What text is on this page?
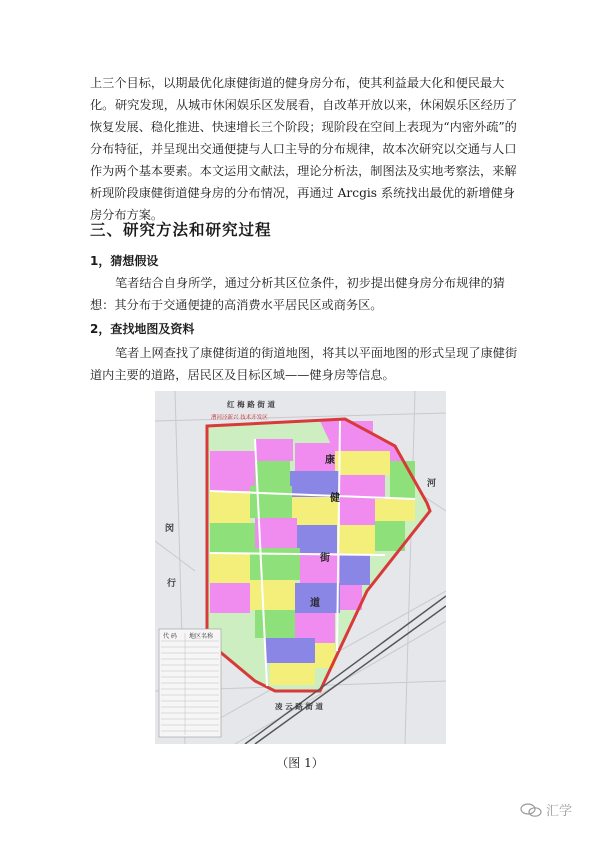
上三个目标，以期最优化康健街道的健身房分布，使其利益最大化和便民最大化。 研究发现，从城市休闲娱乐区发展看，自改革开放以来，休闲娱乐区经历了恢复发展、稳化推进、快速增长三个阶段；现阶段在空间上表现为“内密外疏”的分布特征，并呈现出交通便捷与人口主导的分布规律，故本次研究以交通与人口作为两个基本要素。本文运用文献法，理论分析法，制图法及实地考察法，来解析现阶段康健街道健身房的分布情况，再通过 Arcgis 系统找出最优的新增健身房分布方案。

三、研究方法和研究过程
1，猜想假设

笔者结合自身所学，通过分析其区位条件，初步提出健身房分布规律的猜想：其分布于交通便捷的高消费水平居民区或商务区。

2，查找地图及资料

笔者上网查找了康健街道的街道地图，将其以平面地图的形式呈现了康健街道内主要的道路，居民区及目标区域——健身房等信息。

代 码 地区名称
红 梅 路 街 道
凌 云 路 街 道
闵
行
河
漕河泾新兴 技术开发区
康
健
街
道
（图 1）
汇学
